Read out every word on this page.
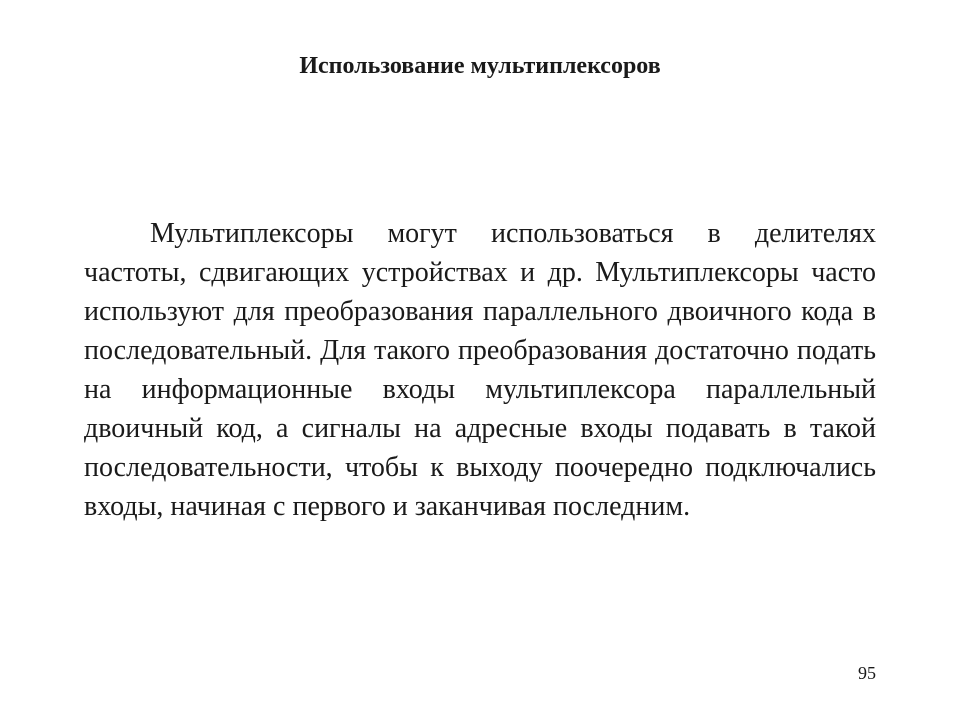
Использование мультиплексоров

Мультиплексоры могут использоваться в делителях частоты, сдвигающих устройствах и др. Мультиплексоры часто используют для преобразования параллельного двоичного кода в последовательный. Для такого преобразования достаточно подать на информационные входы мультиплексора параллельный двоичный код, а сигналы на адресные входы подавать в такой последовательности, чтобы к выходу поочередно подключались входы, начиная с первого и заканчивая последним.

95
